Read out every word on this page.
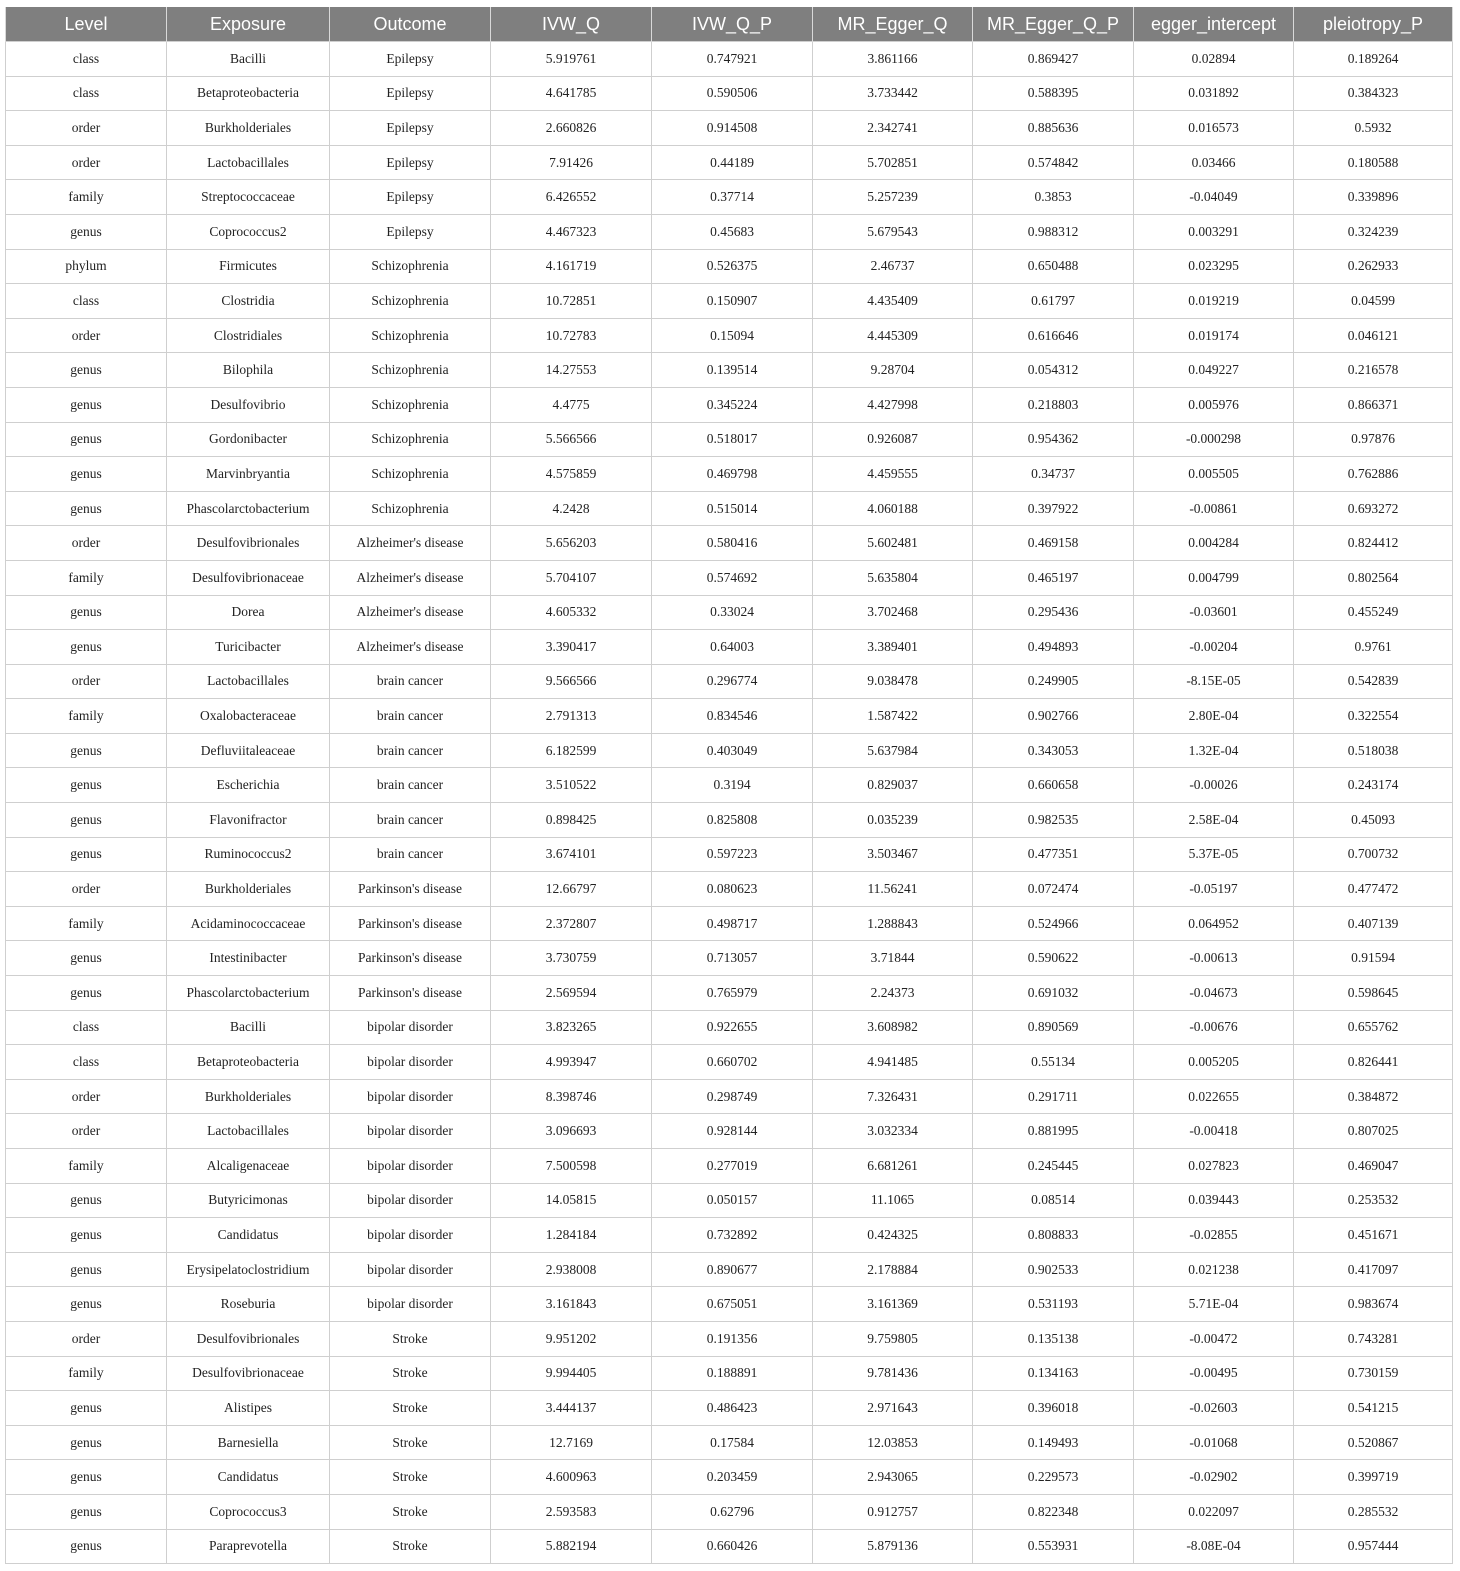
Level	Exposure	Outcome	IVW_Q	IVW_Q_P	MR_Egger_Q	MR_Egger_Q_P	egger_intercept	pleiotropy_P
class	Bacilli	Epilepsy	5.919761	0.747921	3.861166	0.869427	0.02894	0.189264
class	Betaproteobacteria	Epilepsy	4.641785	0.590506	3.733442	0.588395	0.031892	0.384323
order	Burkholderiales	Epilepsy	2.660826	0.914508	2.342741	0.885636	0.016573	0.5932
order	Lactobacillales	Epilepsy	7.91426	0.44189	5.702851	0.574842	0.03466	0.180588
family	Streptococcaceae	Epilepsy	6.426552	0.37714	5.257239	0.3853	-0.04049	0.339896
genus	Coprococcus2	Epilepsy	4.467323	0.45683	5.679543	0.988312	0.003291	0.324239
phylum	Firmicutes	Schizophrenia	4.161719	0.526375	2.46737	0.650488	0.023295	0.262933
class	Clostridia	Schizophrenia	10.72851	0.150907	4.435409	0.61797	0.019219	0.04599
order	Clostridiales	Schizophrenia	10.72783	0.15094	4.445309	0.616646	0.019174	0.046121
genus	Bilophila	Schizophrenia	14.27553	0.139514	9.28704	0.054312	0.049227	0.216578
genus	Desulfovibrio	Schizophrenia	4.4775	0.345224	4.427998	0.218803	0.005976	0.866371
genus	Gordonibacter	Schizophrenia	5.566566	0.518017	0.926087	0.954362	-0.000298	0.97876
genus	Marvinbryantia	Schizophrenia	4.575859	0.469798	4.459555	0.34737	0.005505	0.762886
genus	Phascolarctobacterium	Schizophrenia	4.2428	0.515014	4.060188	0.397922	-0.00861	0.693272
order	Desulfovibrionales	Alzheimer's disease	5.656203	0.580416	5.602481	0.469158	0.004284	0.824412
family	Desulfovibrionaceae	Alzheimer's disease	5.704107	0.574692	5.635804	0.465197	0.004799	0.802564
genus	Dorea	Alzheimer's disease	4.605332	0.33024	3.702468	0.295436	-0.03601	0.455249
genus	Turicibacter	Alzheimer's disease	3.390417	0.64003	3.389401	0.494893	-0.00204	0.9761
order	Lactobacillales	brain cancer	9.566566	0.296774	9.038478	0.249905	-8.15E-05	0.542839
family	Oxalobacteraceae	brain cancer	2.791313	0.834546	1.587422	0.902766	2.80E-04	0.322554
genus	Defluviitaleaceae	brain cancer	6.182599	0.403049	5.637984	0.343053	1.32E-04	0.518038
genus	Escherichia	brain cancer	3.510522	0.3194	0.829037	0.660658	-0.00026	0.243174
genus	Flavonifractor	brain cancer	0.898425	0.825808	0.035239	0.982535	2.58E-04	0.45093
genus	Ruminococcus2	brain cancer	3.674101	0.597223	3.503467	0.477351	5.37E-05	0.700732
order	Burkholderiales	Parkinson's disease	12.66797	0.080623	11.56241	0.072474	-0.05197	0.477472
family	Acidaminococcaceae	Parkinson's disease	2.372807	0.498717	1.288843	0.524966	0.064952	0.407139
genus	Intestinibacter	Parkinson's disease	3.730759	0.713057	3.71844	0.590622	-0.00613	0.91594
genus	Phascolarctobacterium	Parkinson's disease	2.569594	0.765979	2.24373	0.691032	-0.04673	0.598645
class	Bacilli	bipolar disorder	3.823265	0.922655	3.608982	0.890569	-0.00676	0.655762
class	Betaproteobacteria	bipolar disorder	4.993947	0.660702	4.941485	0.55134	0.005205	0.826441
order	Burkholderiales	bipolar disorder	8.398746	0.298749	7.326431	0.291711	0.022655	0.384872
order	Lactobacillales	bipolar disorder	3.096693	0.928144	3.032334	0.881995	-0.00418	0.807025
family	Alcaligenaceae	bipolar disorder	7.500598	0.277019	6.681261	0.245445	0.027823	0.469047
genus	Butyricimonas	bipolar disorder	14.05815	0.050157	11.1065	0.08514	0.039443	0.253532
genus	Candidatus	bipolar disorder	1.284184	0.732892	0.424325	0.808833	-0.02855	0.451671
genus	Erysipelatoclostridium	bipolar disorder	2.938008	0.890677	2.178884	0.902533	0.021238	0.417097
genus	Roseburia	bipolar disorder	3.161843	0.675051	3.161369	0.531193	5.71E-04	0.983674
order	Desulfovibrionales	Stroke	9.951202	0.191356	9.759805	0.135138	-0.00472	0.743281
family	Desulfovibrionaceae	Stroke	9.994405	0.188891	9.781436	0.134163	-0.00495	0.730159
genus	Alistipes	Stroke	3.444137	0.486423	2.971643	0.396018	-0.02603	0.541215
genus	Barnesiella	Stroke	12.7169	0.17584	12.03853	0.149493	-0.01068	0.520867
genus	Candidatus	Stroke	4.600963	0.203459	2.943065	0.229573	-0.02902	0.399719
genus	Coprococcus3	Stroke	2.593583	0.62796	0.912757	0.822348	0.022097	0.285532
genus	Paraprevotella	Stroke	5.882194	0.660426	5.879136	0.553931	-8.08E-04	0.957444
